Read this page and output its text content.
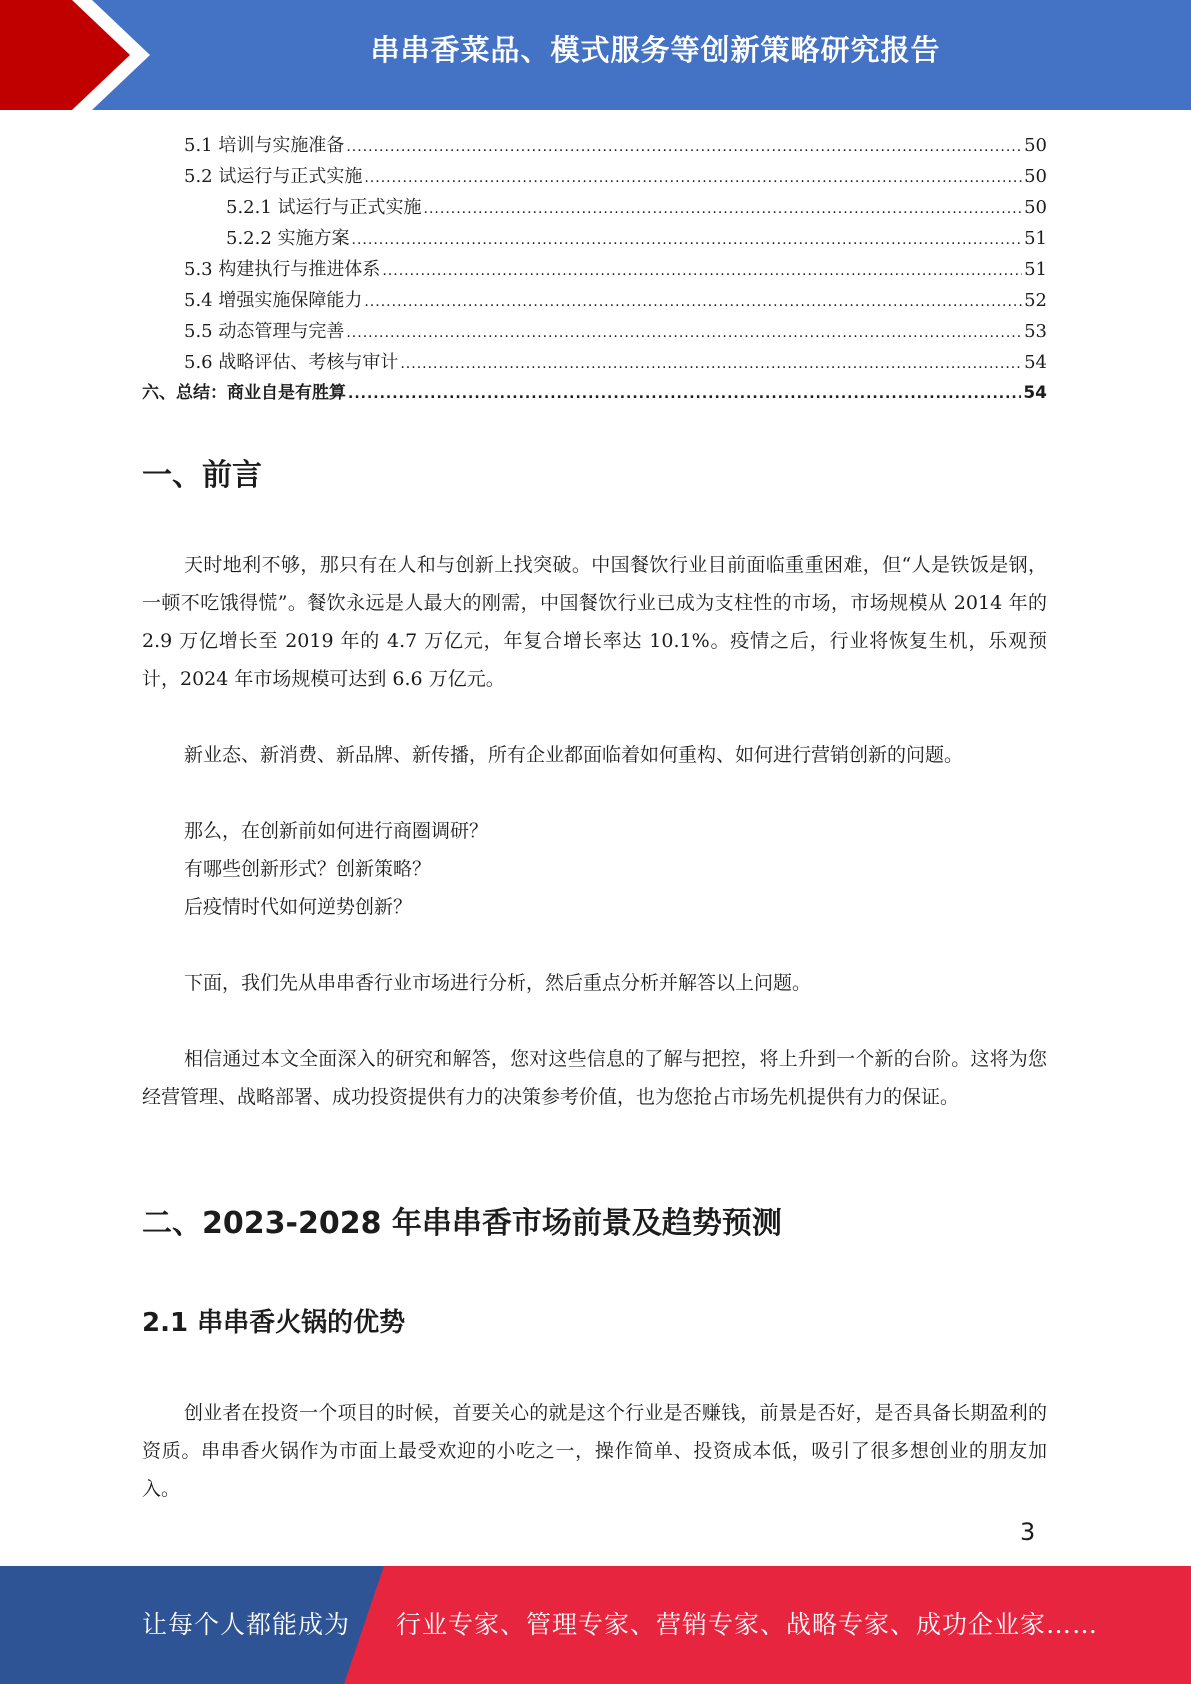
串串香菜品、模式服务等创新策略研究报告
5.1 培训与实施准备 .....	50
5.2 试运行与正式实施 .....	50
5.2.1 试运行与正式实施 .....	50
5.2.2 实施方案 .....	51
5.3 构建执行与推进体系 .....	51
5.4 增强实施保障能力 .....	52
5.5 动态管理与完善 .....	53
5.6 战略评估、考核与审计 .....	54
六、总结：商业自是有胜算 .....	54
一、前言

天时地利不够，那只有在人和与创新上找突破。中国餐饮行业目前面临重重困难，但“人是铁饭是钢，一顿不吃饿得慌”。餐饮永远是人最大的刚需，中国餐饮行业已成为支柱性的市场，市场规模从 2014 年的 2.9 万亿增长至 2019 年的 4.7 万亿元，年复合增长率达 10.1%。疫情之后，行业将恢复生机，乐观预计，2024 年市场规模可达到 6.6 万亿元。

新业态、新消费、新品牌、新传播，所有企业都面临着如何重构、如何进行营销创新的问题。

那么，在创新前如何进行商圈调研？
有哪些创新形式？创新策略？
后疫情时代如何逆势创新？

下面，我们先从串串香行业市场进行分析，然后重点分析并解答以上问题。

相信通过本文全面深入的研究和解答，您对这些信息的了解与把控，将上升到一个新的台阶。这将为您经营管理、战略部署、成功投资提供有力的决策参考价值，也为您抢占市场先机提供有力的保证。

二、2023-2028 年串串香市场前景及趋势预测
2.1 串串香火锅的优势

创业者在投资一个项目的时候，首要关心的就是这个行业是否赚钱，前景是否好，是否具备长期盈利的资质。串串香火锅作为市面上最受欢迎的小吃之一，操作简单、投资成本低，吸引了很多想创业的朋友加入。

3
让每个人都能成为 行业专家、管理专家、营销专家、战略专家、成功企业家……
